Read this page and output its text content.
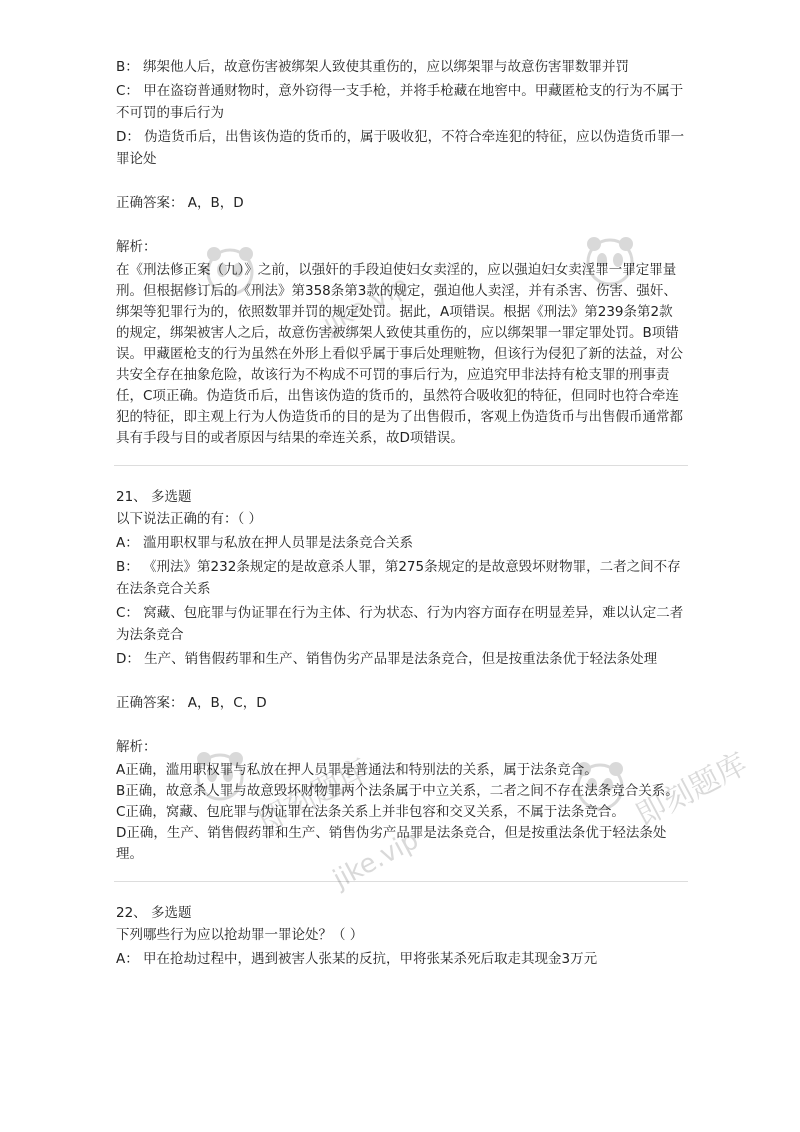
B： 绑架他人后，故意伤害被绑架人致使其重伤的，应以绑架罪与故意伤害罪数罪并罚
C： 甲在盗窃普通财物时，意外窃得一支手枪，并将手枪藏在地窖中。甲藏匿枪支的行为不属于不可罚的事后行为
D： 伪造货币后，出售该伪造的货币的，属于吸收犯，不符合牵连犯的特征，应以伪造货币罪一罪论处
正确答案： A，B，D
解析：

在《刑法修正案（九）》之前，以强奸的手段迫使妇女卖淫的，应以强迫妇女卖淫罪一罪定罪量刑。但根据修订后的《刑法》第358条第3款的规定，强迫他人卖淫，并有杀害、伤害、强奸、绑架等犯罪行为的，依照数罪并罚的规定处罚。据此，A项错误。根据《刑法》第239条第2款的规定，绑架被害人之后，故意伤害被绑架人致使其重伤的，应以绑架罪一罪定罪处罚。B项错误。甲藏匿枪支的行为虽然在外形上看似乎属于事后处理赃物，但该行为侵犯了新的法益，对公共安全存在抽象危险，故该行为不构成不可罚的事后行为，应追究甲非法持有枪支罪的刑事责任，C项正确。伪造货币后，出售该伪造的货币的，虽然符合吸收犯的特征，但同时也符合牵连犯的特征，即主观上行为人伪造货币的目的是为了出售假币，客观上伪造货币与出售假币通常都具有手段与目的或者原因与结果的牵连关系，故D项错误。

21、 多选题
以下说法正确的有：（ ）
A： 滥用职权罪与私放在押人员罪是法条竞合关系
B： 《刑法》第232条规定的是故意杀人罪，第275条规定的是故意毁坏财物罪，二者之间不存在法条竞合关系
C： 窝藏、包庇罪与伪证罪在行为主体、行为状态、行为内容方面存在明显差异，难以认定二者为法条竞合
D： 生产、销售假药罪和生产、销售伪劣产品罪是法条竞合，但是按重法条优于轻法条处理
正确答案： A，B，C，D
解析：

A正确，滥用职权罪与私放在押人员罪是普通法和特别法的关系，属于法条竞合。

B正确，故意杀人罪与故意毁坏财物罪两个法条属于中立关系，二者之间不存在法条竞合关系。

C正确，窝藏、包庇罪与伪证罪在法条关系上并非包容和交叉关系，不属于法条竞合。

D正确，生产、销售假药罪和生产、销售伪劣产品罪是法条竞合，但是按重法条优于轻法条处理。

22、 多选题
下列哪些行为应以抢劫罪一罪论处？（ ）
A： 甲在抢劫过程中，遇到被害人张某的反抗，甲将张某杀死后取走其现金3万元
jike.vip
即刻题库
jike.vip
即刻题库
